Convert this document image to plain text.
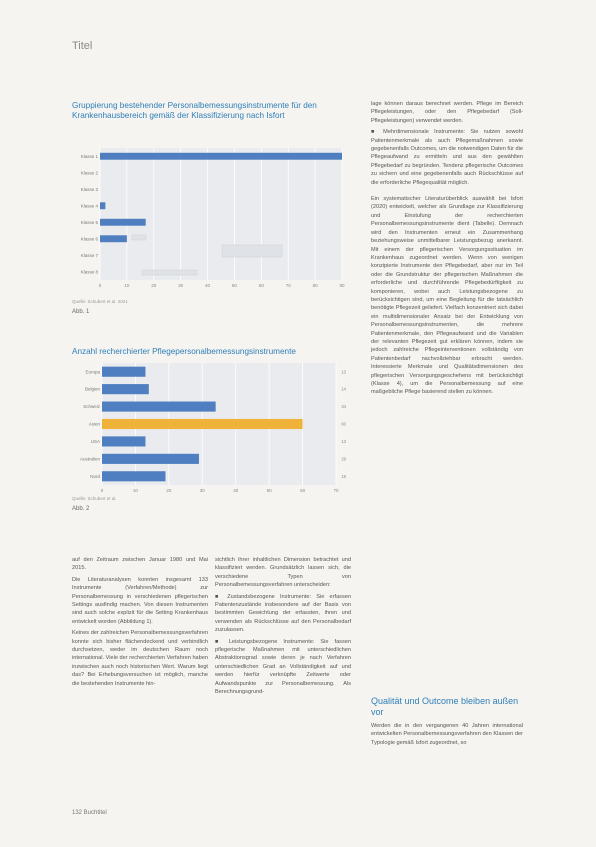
Titel
Gruppierung bestehender Personalbemessungsinstrumente für den Krankenhausbereich gemäß der Klassifizierung nach Isfort
0	10	20	30	40	50	60	70	80	90
Klasse 1
Klasse 2
Klasse 3
Klasse 4
Klasse 5
Klasse 6
Klasse 7
Klasse 8
Quelle: Schubert et al. 2021
Abb. 1
Anzahl recherchierter Pflegepersonalbemessungsinstrumente
0	10	20	30	40	50	60	70
Europa	13
Belgien	14
Schweiz	34
Asien	60
USA	13
Australien	29
Nord	19
Quelle: Schubert et al.
Abb. 2

lage können daraus berechnet werden. Pflege im Bereich Pflegeleistungen, oder den Pflegebedarf (Soll-Pflegeleistungen) verwendet werden.

■ Mehrdimensionale Instrumente: Sie nutzen sowohl Patientenmerkmale als auch Pflegemaßnahmen sowie gegebenenfalls Outcomes, um die notwendigen Daten für die Pflegeaufwand zu ermitteln und aus den gewählten Pflegebedarf zu begründen. Tendenz pflegerische Outcomes zu sichern und eine gegebenenfalls auch Rückschlüsse auf die erforderliche Pflegequalität möglich.

Ein systematischer Literaturüberblick auswählt bei Isfort (2020) entwickelt, welcher als Grundlage zur Klassifizierung und Einstufung der recherchierten Personalbemessungsinstrumente dient (Tabelle). Demnach wird den Instrumenten erneut ein Zusammenhang beziehungsweise unmittelbarer Leistungsbezug anerkannt. Mit einem der pflegerischen Versorgungssituation im Krankenhaus zugeordnet werden. Wenn von wenigen konzipierte Instrumente den Pflegebedarf, aber nur im Teil oder die Grundstruktur der pflegerischen Maßnahmen die erforderliche und durchführende Pflegebedürftigkeit zu komponieren, wobei auch Leistungsbezogene zu berücksichtigen sind, um eine Begleitung für die tatsächlich benötigte Pflegezeit geliefert. Vielfach konzentriert sich dabei ein multidimensionaler Ansatz bei der Entwicklung von Personalbemessungsinstrumenten, die mehrere Patientenmerkmale, den Pflegeaufwand und die Variablen der relevanten Pflegezeit gut erklären können, indem sie jedoch zahlreiche Pflegeinterventionen vollständig von Patientenbedarf nachvollziehbar erbracht werden. Interessierte Merkmale und Qualitätsdimensionen des pflegerischen Versorgungsgeschehens mit berücksichtigt (Klasse 4), um die Personalbemessung auf eine maßgebliche Pflege basierend stellen zu können.

Qualität und Outcome bleiben außen vor

Werden die in den vergangenen 40 Jahren international entwickelten Personalbemessungsverfahren den Klassen der Typologie gemäß Isfort zugeordnet, so

auf den Zeitraum zwischen Januar 1980 und Mai 2015.

Die Literaturanalysen konnten insgesamt 133 Instrumente (Verfahren/Methode) zur Personalbemessung in verschiedenen pflegerischen Settings ausfindig machen. Von diesen Instrumenten sind auch solche explizit für die Setting Krankenhaus entwickelt worden (Abbildung 1).

Keines der zahlreichen Personalbemessungsverfahren konnte sich bisher flächendeckend und verbindlich durchsetzen, weder im deutschen Raum noch international. Viele der recherchierten Verfahren haben inzwischen auch noch historischen Wert. Warum liegt das? Bei Erhebungsversuchen ist möglich, manche die bestehenden Instrumente hin-

sichtlich ihrer inhaltlichen Dimension betrachtet und klassifiziert werden. Grundsätzlich lassen sich, die verschiedene Typen von Personalbemessungsverfahren unterscheiden:

■ Zustandsbezogene Instrumente: Sie erfassen Patientenzustände insbesondere auf der Basis von bestimmten Gewichtung der erfassten, ihren und verwenden als Rückschlüsse auf den Personalbedarf zuzulassen.

■ Leistungsbezogene Instrumente: Sie fassen pflegerische Maßnahmen mit unterschiedlichen Abstraktionsgrad sowie deren je nach Verfahren unterschiedlichen Grad an Vollständigkeit auf und werden hierfür verknüpfte Zeitwerte oder Aufwandspunkte zur Personalbemessung. Als Berechnungsgrund-

132 Buchtitel
